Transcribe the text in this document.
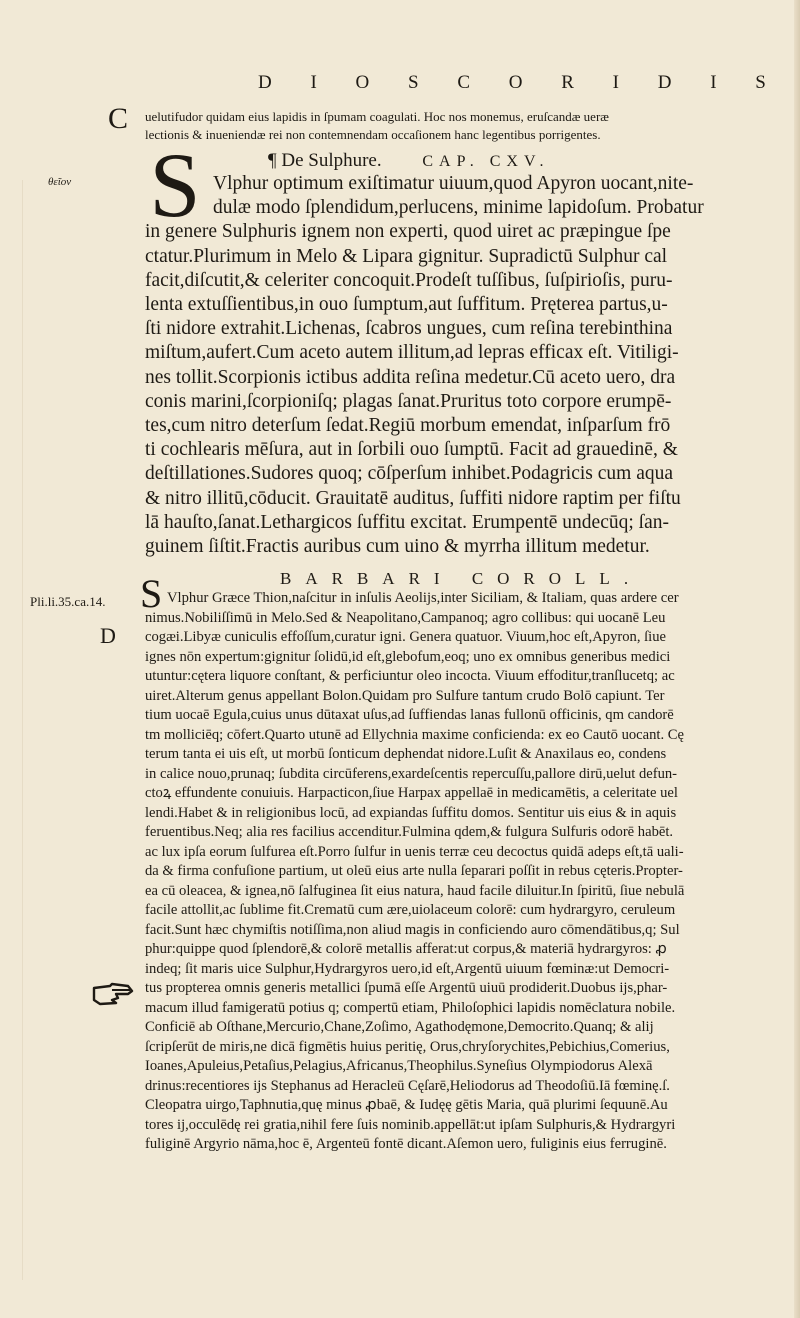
D I O S C O R I D I S
C uelutifudor quidam eius lapidis in ſpumam coagulati. Hoc nos monemus, eruſcandæ ueræ

lectionis & inueniendæ rei non contemnendam occaſionem hanc legentibus porrigentes.

¶ De Sulphure.	CAP. CXV.
θεῖον S Vlphur optimum exiſtimatur uiuum,quod Apyron uocant,nite-

dulæ modo ſplendidum,perlucens, minime lapidoſum. Probatur

in genere Sulphuris ignem non experti, quod uiret ac præpingue ſpe

ctatur.Plurimum in Melo & Lipara gignitur. Supradictū Sulphur cal

facit,diſcutit,& celeriter concoquit.Prodeſt tuſſibus, ſuſpirioſis, puru-

lenta extuſſientibus,in ouo ſumptum,aut ſuffitum. Pręterea partus,u-

ſti nidore extrahit.Lichenas, ſcabros ungues, cum reſina terebinthina

miſtum,aufert.Cum aceto autem illitum,ad lepras efficax eſt. Vitiligi-

nes tollit.Scorpionis ictibus addita reſina medetur.Cū aceto uero, dra

conis marini,ſcorpioniſq; plagas ſanat.Pruritus toto corpore erumpē-

tes,cum nitro deterſum ſedat.Regiū morbum emendat, inſparſum frō

ti cochlearis mēſura, aut in ſorbili ouo ſumptū. Facit ad grauedinē, &

deſtillationes.Sudores quoq; cōſperſum inhibet.Podagricis cum aqua

& nitro illitū,cōducit. Grauitatē auditus, ſuffiti nidore raptim per fiſtu

lā hauſto,ſanat.Lethargicos ſuffitu excitat. Erumpentē undecūq; ſan-

guinem ſiſtit.Fractis auribus cum uino & myrrha illitum medetur.

BARBARI COROLL.
S
Pli.li.35.ca.14.
D

Vlphur Græce Thion,naſcitur in inſulis Aeolijs,inter Siciliam, & Italiam, quas ardere cer

nimus.Nobiliſſimū in Melo.Sed & Neapolitano,Campanoq; agro collibus: qui uocanē Leu

cogæi.Libyæ cuniculis effoſſum,curatur igni. Genera quatuor. Viuum,hoc eſt,Apyron, ſiue

ignes nōn expertum:gignitur ſolidū,id eſt,glebofum,eoq; uno ex omnibus generibus medici

utuntur:cętera liquore conſtant, & perficiuntur oleo incocta. Viuum effoditur,tranſlucetq; ac

uiret.Alterum genus appellant Bolon.Quidam pro Sulfure tantum crudo Bolō capiunt. Ter

tium uocaē Egula,cuius unus dūtaxat uſus,ad ſuffiendas lanas fullonū officinis, qm candorē

tm molliciēq; cōfert.Quarto utunē ad Ellychnia maxime conficienda: ex eo Cautō uocant. Cę

terum tanta ei uis eſt, ut morbū ſonticum dephendat nidore.Luſit & Anaxilaus eo, condens

in calice nouo,prunaq; ſubdita circūferens,exardeſcentis repercuſſu,pallore dirū,uelut defun-

ctoꝝ effundente conuiuis. Harpacticon,ſiue Harpax appellaē in medicamētis, a celeritate uel

lendi.Habet & in religionibus locū, ad expiandas ſuffitu domos. Sentitur uis eius & in aquis

feruentibus.Neq; alia res facilius accenditur.Fulmina qdem,& fulgura Sulfuris odorē habēt.

ac lux ipſa eorum ſulfurea eſt.Porro ſulfur in uenis terræ ceu decoctus quidā adeps eſt,tā uali-

da & firma confuſione partium, ut oleū eius arte nulla ſeparari poſſit in rebus cęteris.Propter-

ea cū oleacea, & ignea,nō ſalfuginea ſit eius natura, haud facile diluitur.In ſpiritū, ſiue nebulā

facile attollit,ac ſublime fit.Crematū cum ære,uiolaceum colorē: cum hydrargyro, ceruleum

facit.Sunt hæc chymiſtis notiſſima,non aliud magis in conficiendo auro cōmendātibus,q; Sul

phur:quippe quod ſplendorē,& colorē metallis afferat:ut corpus,& materiā hydrargyros: ꝓ

indeq; ſit maris uice Sulphur,Hydrargyros uero,id eſt,Argentū uiuum fœminæ:ut Democri-

tus propterea omnis generis metallici ſpumā eſſe Argentū uiuū prodiderit.Duobus ijs,phar-

macum illud famigeratū potius q; compertū etiam, Philoſophici lapidis nomēclatura nobile.

Conficiē ab Oſthane,Mercurio,Chane,Zoſimo, Agathodęmone,Democrito.Quanq; & alij

ſcripſerūt de miris,ne dicā figmētis huius peritię, Orus,chryſorychites,Pebichius,Comerius,

Ioanes,Apuleius,Petaſius,Pelagius,Africanus,Theophilus.Syneſius Olympiodorus Alexā

drinus:recentiores ijs Stephanus ad Heracleū Cęſarē,Heliodorus ad Theodoſiū.Iā fœminę.ſ.

Cleopatra uirgo,Taphnutia,quę minus ꝓbaē, & Iudęę gētis Maria, quā plurimi ſequunē.Au

tores ij,occulēdę rei gratia,nihil fere ſuis nominib.appellāt:ut ipſam Sulphuris,& Hydrargyri

fuliginē Argyrio nāma,hoc ē, Argenteū fontē dicant.Aſemon uero, fuliginis eius ferruginē.
